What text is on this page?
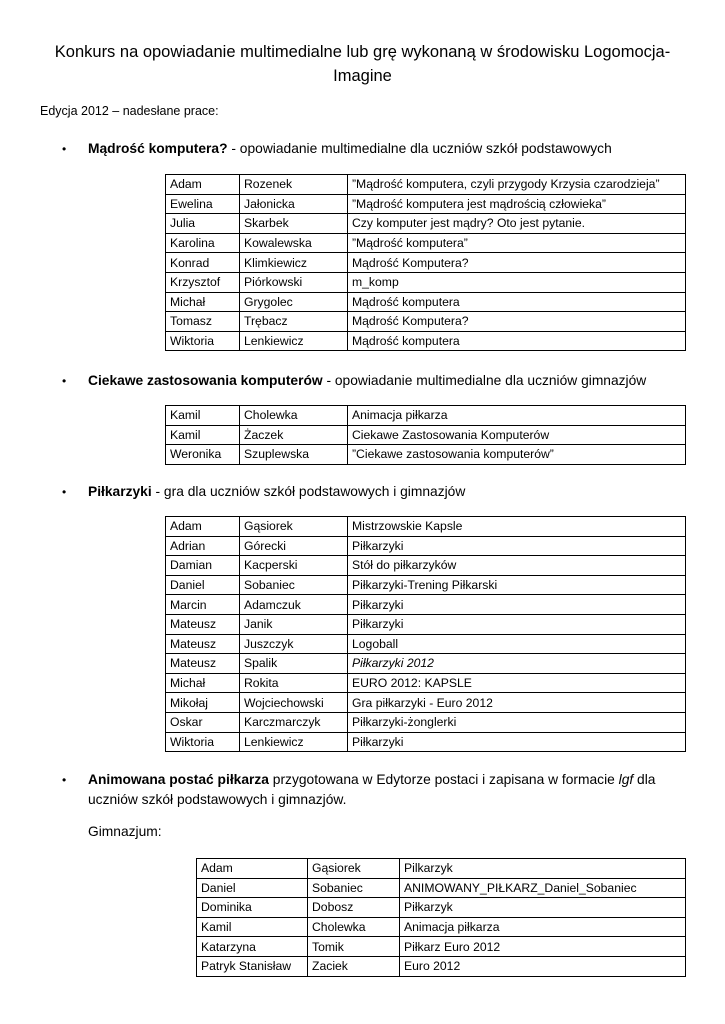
Konkurs na opowiadanie multimedialne lub grę wykonaną w środowisku Logomocja-Imagine
Edycja 2012 – nadesłane prace:
• Mądrość komputera? - opowiadanie multimedialne dla uczniów szkół podstawowych
Adam	Rozenek	”Mądrość komputera, czyli przygody Krzysia czarodzieja”
Ewelina	Jałonicka	”Mądrość komputera jest mądrością człowieka”
Julia	Skarbek	Czy komputer jest mądry? Oto jest pytanie.
Karolina	Kowalewska	”Mądrość komputera”
Konrad	Klimkiewicz	Mądrość Komputera?
Krzysztof	Piórkowski	m_komp
Michał	Grygolec	Mądrość komputera
Tomasz	Trębacz	Mądrość Komputera?
Wiktoria	Lenkiewicz	Mądrość komputera
• Ciekawe zastosowania komputerów - opowiadanie multimedialne dla uczniów gimnazjów
Kamil	Cholewka	Animacja piłkarza
Kamil	Żaczek	Ciekawe Zastosowania Komputerów
Weronika	Szuplewska	”Ciekawe zastosowania komputerów”
• Piłkarzyki - gra dla uczniów szkół podstawowych i gimnazjów
Adam	Gąsiorek	Mistrzowskie Kapsle
Adrian	Górecki	Piłkarzyki
Damian	Kacperski	Stół do piłkarzyków
Daniel	Sobaniec	Piłkarzyki-Trening Piłkarski
Marcin	Adamczuk	Piłkarzyki
Mateusz	Janik	Piłkarzyki
Mateusz	Juszczyk	Logoball
Mateusz	Spalik	Piłkarzyki 2012
Michał	Rokita	EURO 2012: KAPSLE
Mikołaj	Wojciechowski	Gra piłkarzyki - Euro 2012
Oskar	Karczmarczyk	Piłkarzyki-żonglerki
Wiktoria	Lenkiewicz	Piłkarzyki
• Animowana postać piłkarza przygotowana w Edytorze postaci i zapisana w formacie lgf dla uczniów szkół podstawowych i gimnazjów.
Gimnazjum:
Adam	Gąsiorek	Pilkarzyk
Daniel	Sobaniec	ANIMOWANY_PIŁKARZ_Daniel_Sobaniec
Dominika	Dobosz	Piłkarzyk
Kamil	Cholewka	Animacja piłkarza
Katarzyna	Tomik	Piłkarz Euro 2012
Patryk Stanisław	Zaciek	Euro 2012
